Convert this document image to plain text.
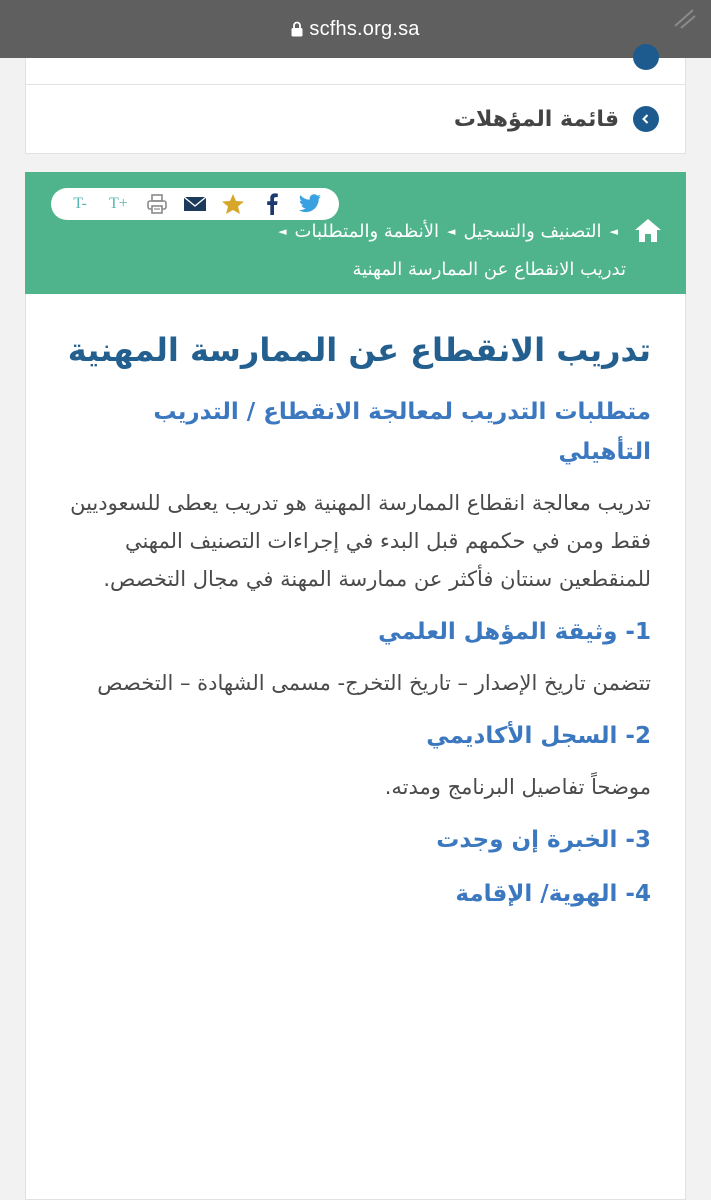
scfhs.org.sa
قائمة المؤهلات
T-	T+
◄التصنيف والتسجيل◄الأنظمة والمتطلبات◄
تدريب الانقطاع عن الممارسة المهنية
تدريب الانقطاع عن الممارسة المهنية
متطلبات التدريب لمعالجة الانقطاع / التدريب التأهيلي

تدريب معالجة انقطاع الممارسة المهنية هو تدريب يعطى للسعوديين فقط ومن في حكمهم قبل البدء في إجراءات التصنيف المهني للمنقطعين سنتان فأكثر عن ممارسة المهنة في مجال التخصص.

1- وثيقة المؤهل العلمي

تتضمن تاريخ الإصدار – تاريخ التخرج- مسمى الشهادة – التخصص

2- السجل الأكاديمي

موضحاً تفاصيل البرنامج ومدته.

3- الخبرة إن وجدت
4- الهوية/ الإقامة
